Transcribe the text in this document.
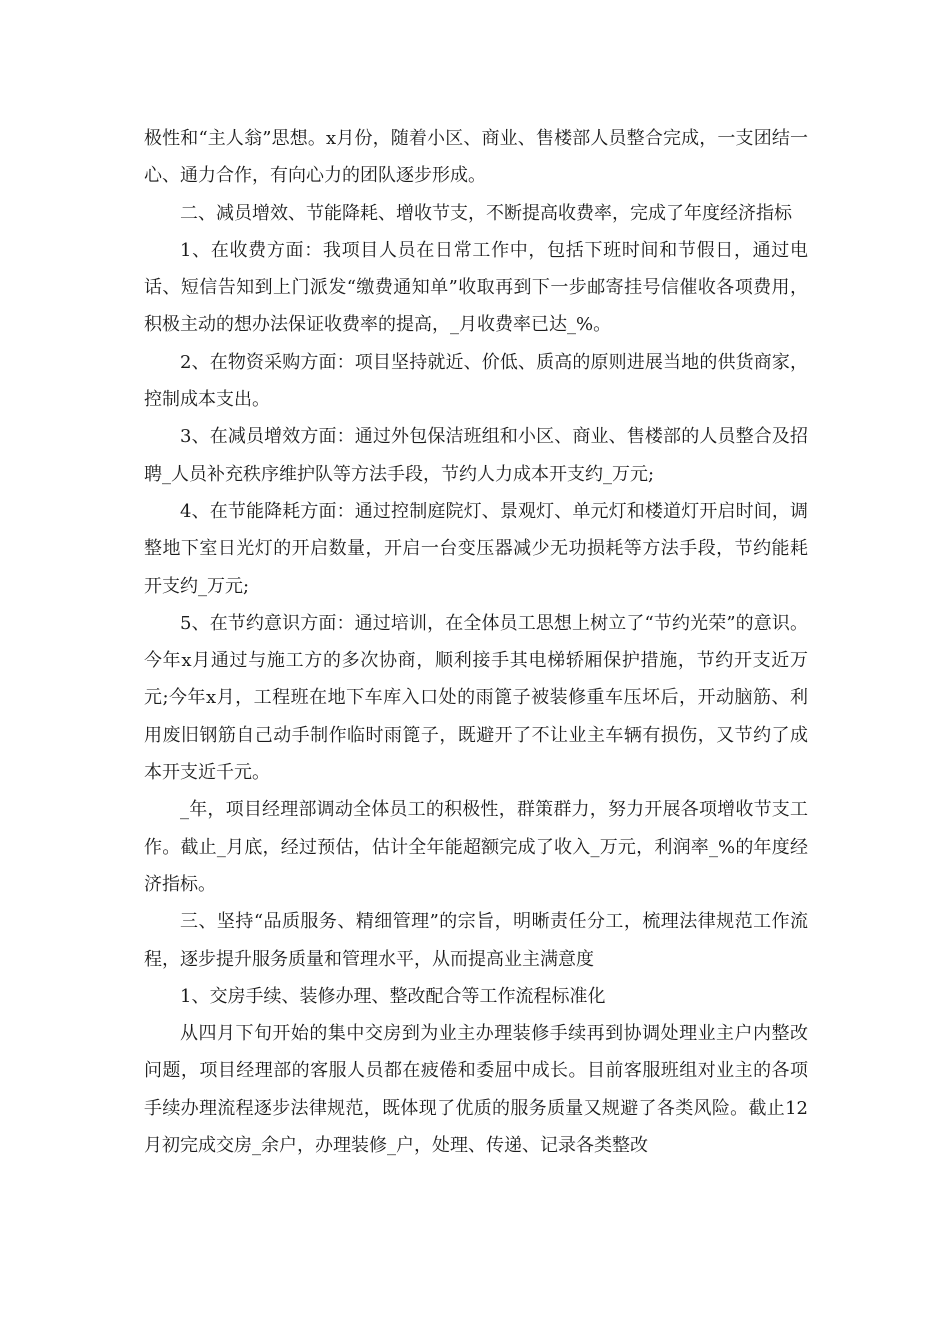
极性和“主人翁”思想。x月份，随着小区、商业、售楼部人员整合完成，一支团结一心、通力合作，有向心力的团队逐步形成。

二、减员增效、节能降耗、增收节支，不断提高收费率，完成了年度经济指标

1、在收费方面：我项目人员在日常工作中，包括下班时间和节假日，通过电话、短信告知到上门派发“缴费通知单”收取再到下一步邮寄挂号信催收各项费用，积极主动的想办法保证收费率的提高，_月收费率已达_%。

2、在物资采购方面：项目坚持就近、价低、质高的原则进展当地的供货商家，控制成本支出。

3、在减员增效方面：通过外包保洁班组和小区、商业、售楼部的人员整合及招聘_人员补充秩序维护队等方法手段，节约人力成本开支约_万元;

4、在节能降耗方面：通过控制庭院灯、景观灯、单元灯和楼道灯开启时间，调整地下室日光灯的开启数量，开启一台变压器减少无功损耗等方法手段，节约能耗开支约_万元;

5、在节约意识方面：通过培训，在全体员工思想上树立了“节约光荣”的意识。今年x月通过与施工方的多次协商，顺利接手其电梯轿厢保护措施，节约开支近万元;今年x月，工程班在地下车库入口处的雨篦子被装修重车压坏后，开动脑筋、利用废旧钢筋自己动手制作临时雨篦子，既避开了不让业主车辆有损伤，又节约了成本开支近千元。

_年，项目经理部调动全体员工的积极性，群策群力，努力开展各项增收节支工作。截止_月底，经过预估，估计全年能超额完成了收入_万元，利润率_%的年度经济指标。

三、坚持“品质服务、精细管理”的宗旨，明晰责任分工，梳理法律规范工作流程，逐步提升服务质量和管理水平，从而提高业主满意度

1、交房手续、装修办理、整改配合等工作流程标准化

从四月下旬开始的集中交房到为业主办理装修手续再到协调处理业主户内整改问题，项目经理部的客服人员都在疲倦和委屈中成长。目前客服班组对业主的各项手续办理流程逐步法律规范，既体现了优质的服务质量又规避了各类风险。截止12月初完成交房_余户，办理装修_户，处理、传递、记录各类整改
